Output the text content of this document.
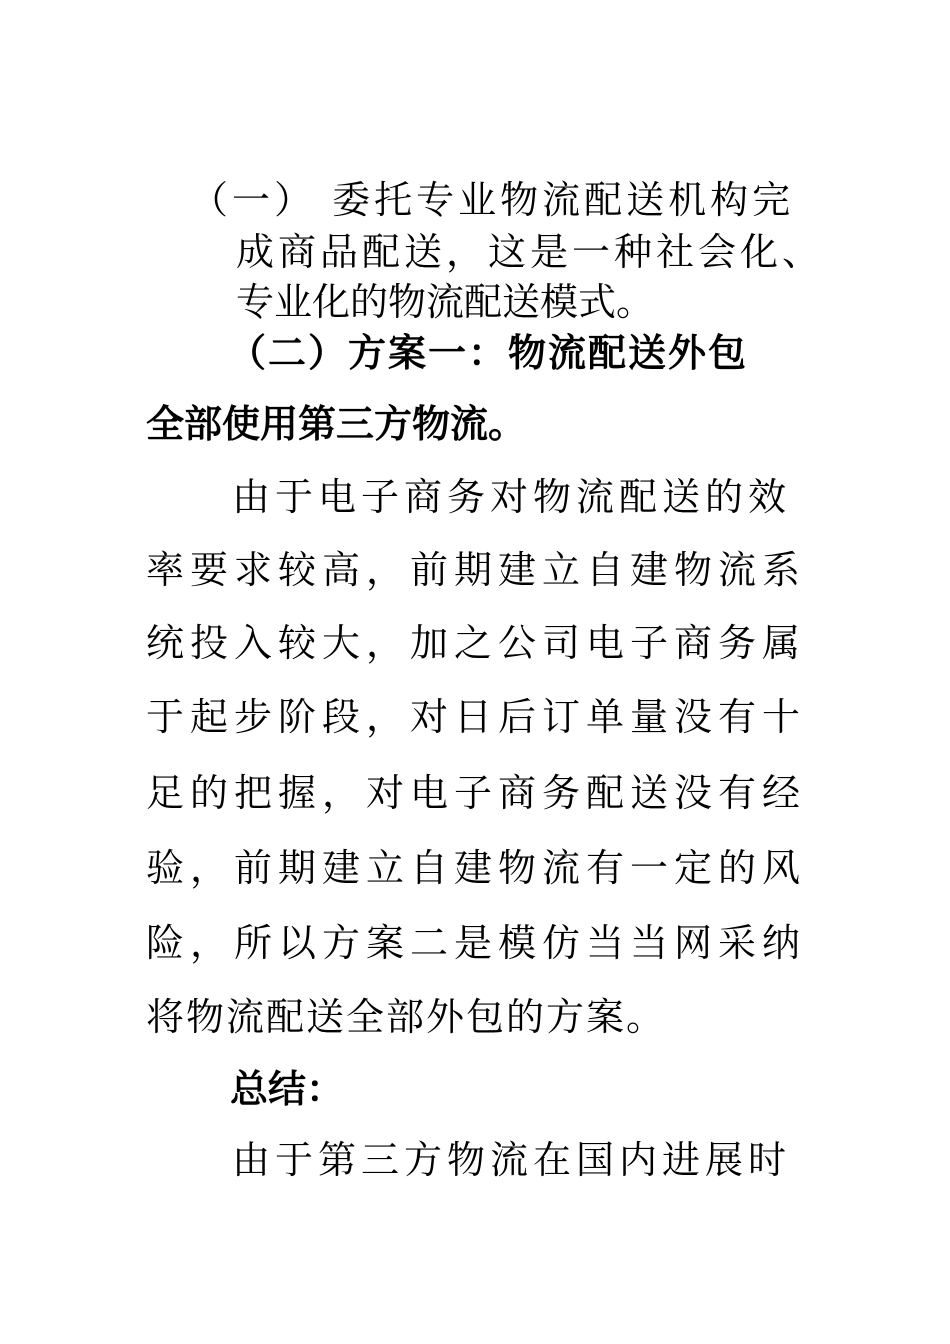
（一） 委托专业物流配送机构完
成商品配送，这是一种社会化、
专业化的物流配送模式。
（二）方案一：物流配送外包
全部使用第三方物流。
由于电子商务对物流配送的效
率要求较高，前期建立自建物流系
统投入较大，加之公司电子商务属
于起步阶段，对日后订单量没有十
足的把握，对电子商务配送没有经
验，前期建立自建物流有一定的风
险，所以方案二是模仿当当网采纳
将物流配送全部外包的方案。
总结：
由于第三方物流在国内进展时
